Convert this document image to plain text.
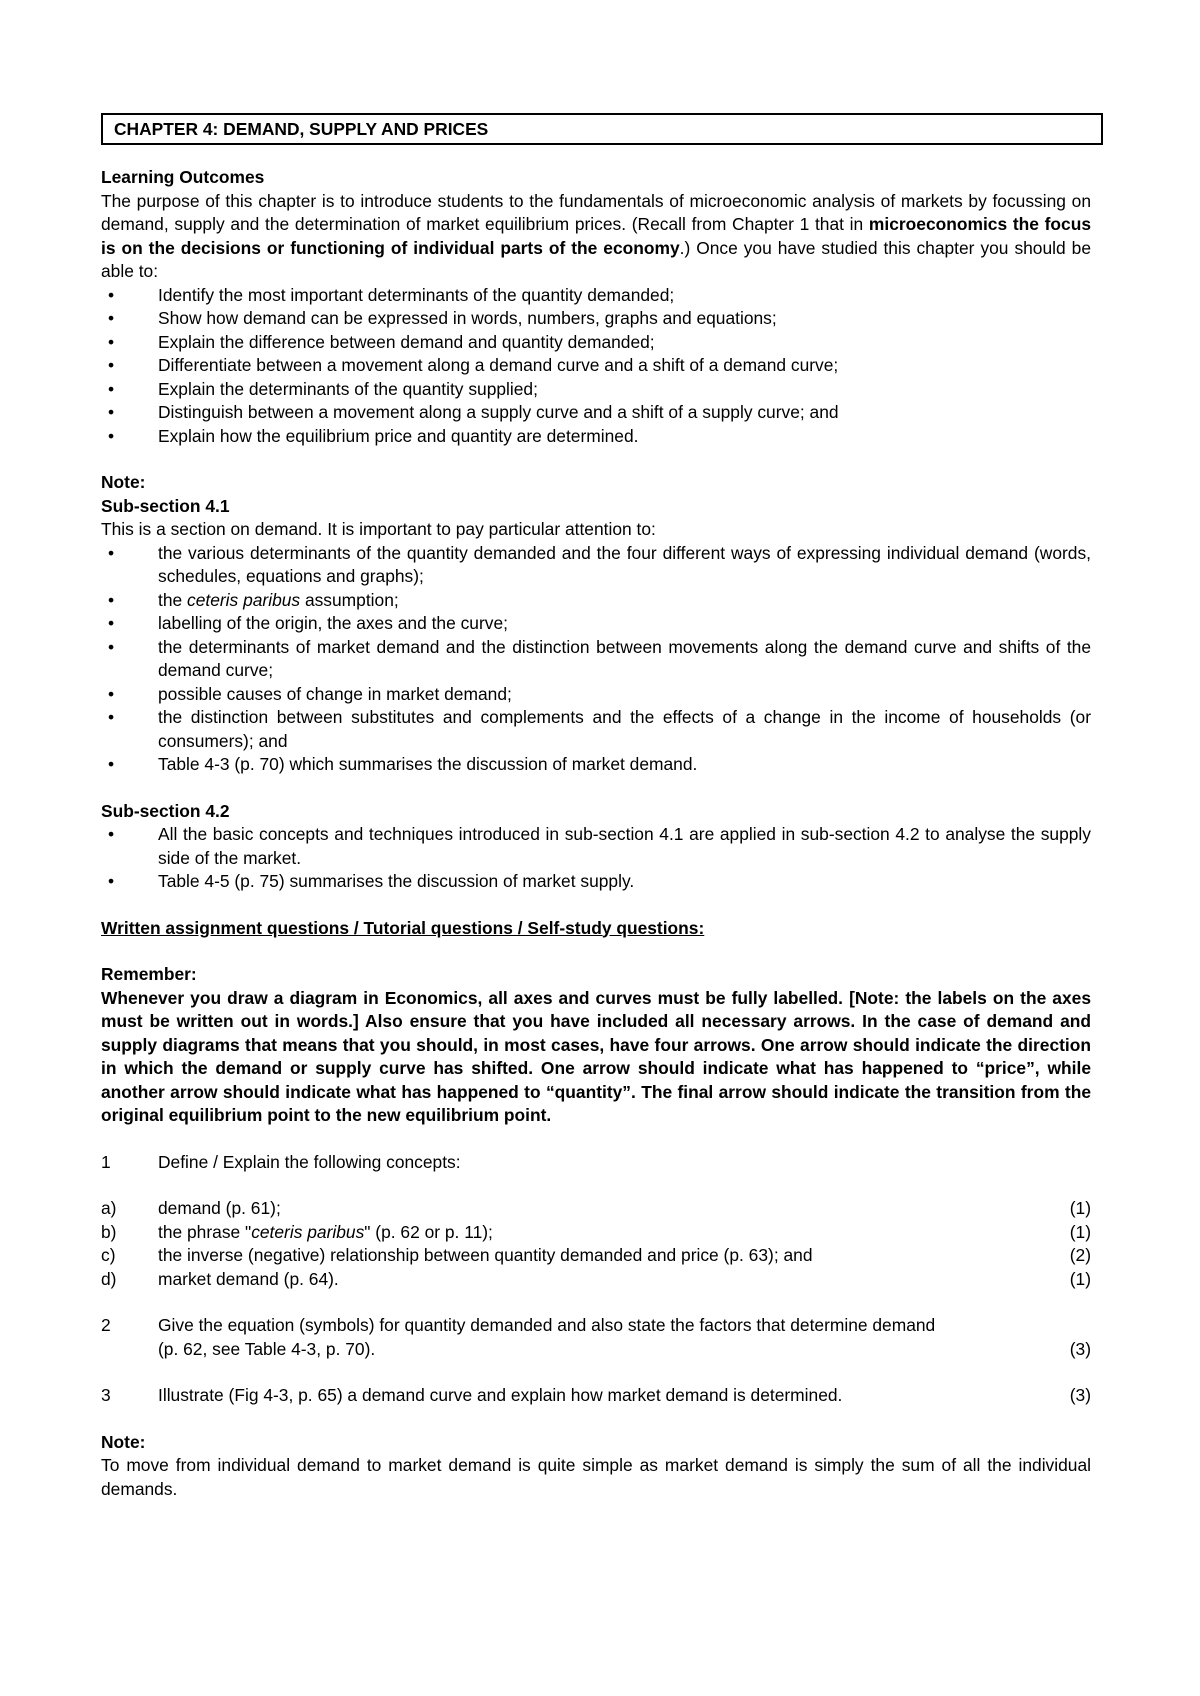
CHAPTER 4: DEMAND, SUPPLY AND PRICES

Learning Outcomes

The purpose of this chapter is to introduce students to the fundamentals of microeconomic analysis of markets by focussing on demand, supply and the determination of market equilibrium prices. (Recall from Chapter 1 that in microeconomics the focus is on the decisions or functioning of individual parts of the economy.) Once you have studied this chapter you should be able to:

•	Identify the most important determinants of the quantity demanded;
•	Show how demand can be expressed in words, numbers, graphs and equations;
•	Explain the difference between demand and quantity demanded;
•	Differentiate between a movement along a demand curve and a shift of a demand curve;
•	Explain the determinants of the quantity supplied;
•	Distinguish between a movement along a supply curve and a shift of a supply curve; and
•	Explain how the equilibrium price and quantity are determined.

Note:

Sub-section 4.1

This is a section on demand. It is important to pay particular attention to:

•	the various determinants of the quantity demanded and the four different ways of expressing individual demand (words, schedules, equations and graphs);
•	the ceteris paribus assumption;
•	labelling of the origin, the axes and the curve;
•	the determinants of market demand and the distinction between movements along the demand curve and shifts of the demand curve;
•	possible causes of change in market demand;
•	the distinction between substitutes and complements and the effects of a change in the income of households (or consumers); and
•	Table 4-3 (p. 70) which summarises the discussion of market demand.

Sub-section 4.2

•	All the basic concepts and techniques introduced in sub-section 4.1 are applied in sub-section 4.2 to analyse the supply side of the market.
•	Table 4-5 (p. 75) summarises the discussion of market supply.

Written assignment questions / Tutorial questions / Self-study questions:

Remember:

Whenever you draw a diagram in Economics, all axes and curves must be fully labelled. [Note: the labels on the axes must be written out in words.] Also ensure that you have included all necessary arrows. In the case of demand and supply diagrams that means that you should, in most cases, have four arrows. One arrow should indicate the direction in which the demand or supply curve has shifted. One arrow should indicate what has happened to “price”, while another arrow should indicate what has happened to “quantity”. The final arrow should indicate the transition from the original equilibrium point to the new equilibrium point.

1	Define / Explain the following concepts:
a)	demand (p. 61);	(1)
b)	the phrase "ceteris paribus" (p. 62 or p. 11);	(1)
c)	the inverse (negative) relationship between quantity demanded and price (p. 63); and	(2)
d)	market demand (p. 64).	(1)
2	Give the equation (symbols) for quantity demanded and also state the factors that determine demand
(p. 62, see Table 4-3, p. 70).	(3)
3	Illustrate (Fig 4-3, p. 65) a demand curve and explain how market demand is determined.	(3)

Note:

To move from individual demand to market demand is quite simple as market demand is simply the sum of all the individual demands.
